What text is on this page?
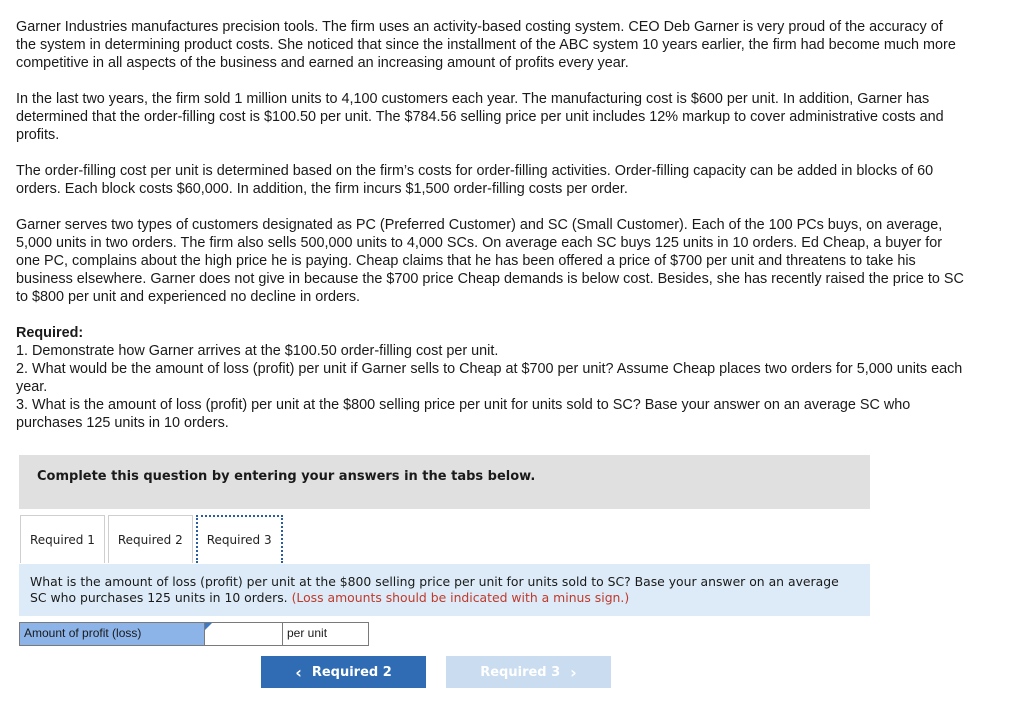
Garner Industries manufactures precision tools. The firm uses an activity-based costing system. CEO Deb Garner is very proud of the accuracy of the system in determining product costs. She noticed that since the installment of the ABC system 10 years earlier, the firm had become much more competitive in all aspects of the business and earned an increasing amount of profits every year.

In the last two years, the firm sold 1 million units to 4,100 customers each year. The manufacturing cost is $600 per unit. In addition, Garner has determined that the order-filling cost is $100.50 per unit. The $784.56 selling price per unit includes 12% markup to cover administrative costs and profits.

The order-filling cost per unit is determined based on the firm’s costs for order-filling activities. Order-filling capacity can be added in blocks of 60 orders. Each block costs $60,000. In addition, the firm incurs $1,500 order-filling costs per order.

Garner serves two types of customers designated as PC (Preferred Customer) and SC (Small Customer). Each of the 100 PCs buys, on average, 5,000 units in two orders. The firm also sells 500,000 units to 4,000 SCs. On average each SC buys 125 units in 10 orders. Ed Cheap, a buyer for one PC, complains about the high price he is paying. Cheap claims that he has been offered a price of $700 per unit and threatens to take his business elsewhere. Garner does not give in because the $700 price Cheap demands is below cost. Besides, she has recently raised the price to SC to $800 per unit and experienced no decline in orders.

Required:

1. Demonstrate how Garner arrives at the $100.50 order-filling cost per unit.

2. What would be the amount of loss (profit) per unit if Garner sells to Cheap at $700 per unit? Assume Cheap places two orders for 5,000 units each year.

3. What is the amount of loss (profit) per unit at the $800 selling price per unit for units sold to SC? Base your answer on an average SC who purchases 125 units in 10 orders.

Complete this question by entering your answers in the tabs below.
Required 1	Required 2	Required 3
What is the amount of loss (profit) per unit at the $800 selling price per unit for units sold to SC? Base your answer on an average SC who purchases 125 units in 10 orders. (Loss amounts should be indicated with a minus sign.)
Amount of profit (loss)	per unit
‹ Required 2	Required 3 ›
